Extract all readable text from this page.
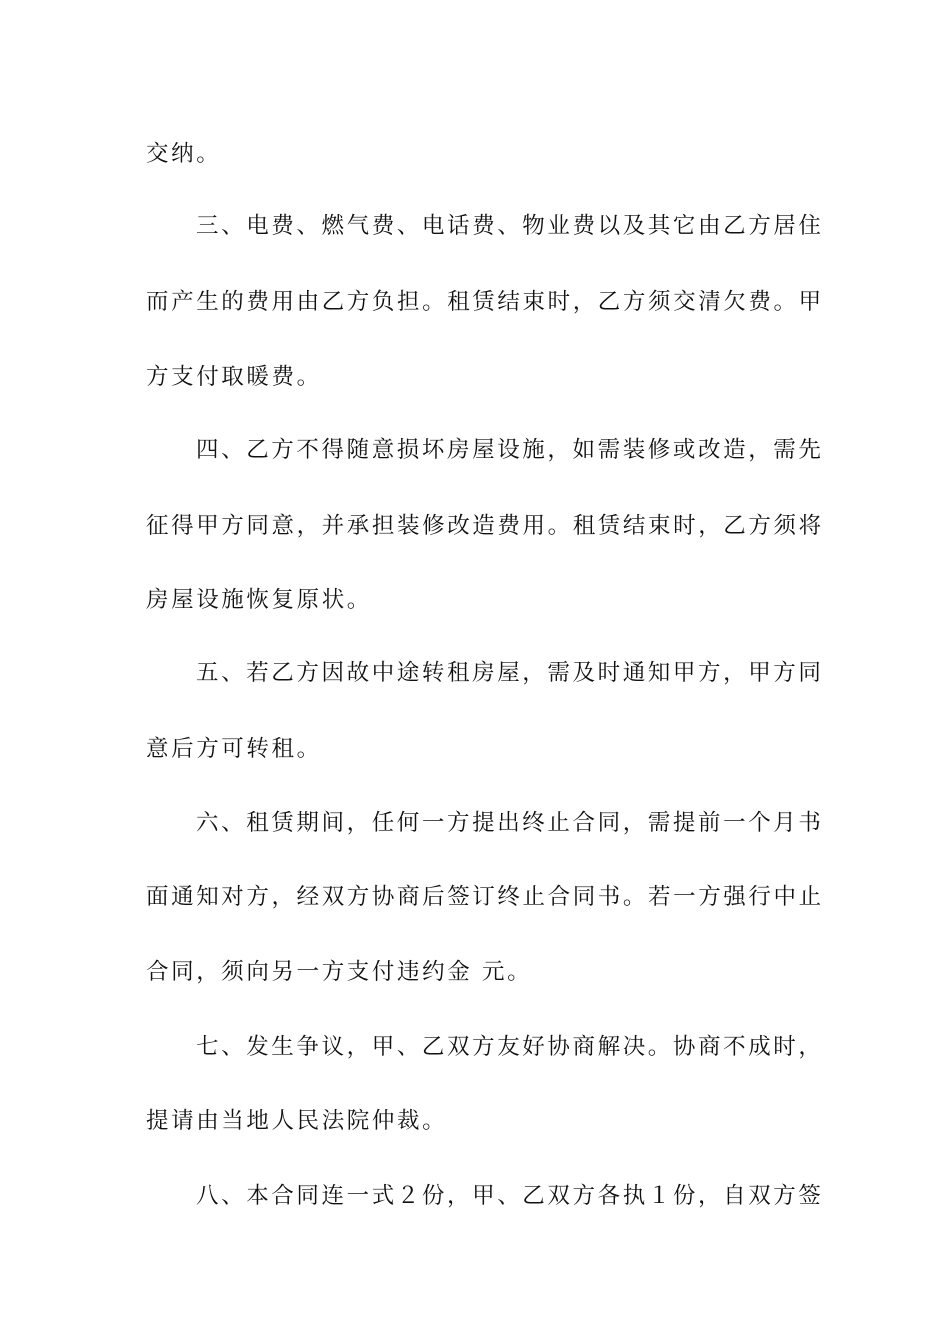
交纳。
三、电费、燃气费、电话费、物业费以及其它由乙方居住
而产生的费用由乙方负担。租赁结束时，乙方须交清欠费。甲
方支付取暖费。
四、乙方不得随意损坏房屋设施，如需装修或改造，需先
征得甲方同意，并承担装修改造费用。租赁结束时，乙方须将
房屋设施恢复原状。
五、若乙方因故中途转租房屋，需及时通知甲方，甲方同
意后方可转租。
六、租赁期间，任何一方提出终止合同，需提前一个月书
面通知对方，经双方协商后签订终止合同书。若一方强行中止
合同，须向另一方支付违约金 元。
七、发生争议，甲、乙双方友好协商解决。协商不成时，
提请由当地人民法院仲裁。
八、本合同连一式２份，甲、乙双方各执１份，自双方签
